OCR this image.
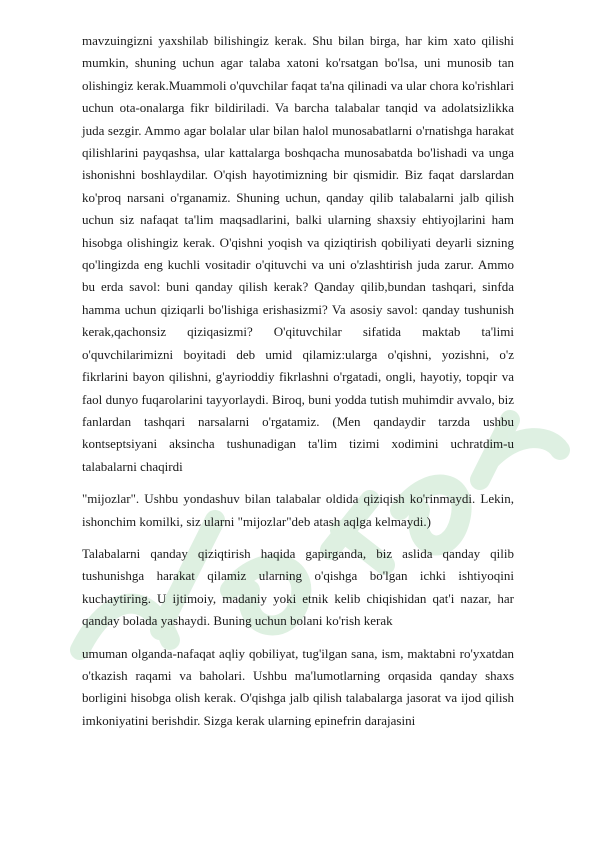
mavzuingizni yaxshilab bilishingiz kerak. Shu bilan birga, har kim xato qilishi mumkin, shuning uchun agar talaba xatoni ko'rsatgan bo'lsa, uni munosib tan olishingiz kerak.Muammoli o'quvchilar faqat ta'na qilinadi va ular chora ko'rishlari uchun ota-onalarga fikr bildiriladi. Va barcha talabalar tanqid va adolatsizlikka juda sezgir. Ammo agar bolalar ular bilan halol munosabatlarni o'rnatishga harakat qilishlarini payqashsa, ular kattalarga boshqacha munosabatda bo'lishadi va unga ishonishni boshlaydilar. O'qish hayotimizning bir qismidir. Biz faqat darslardan ko'proq narsani o'rganamiz. Shuning uchun, qanday qilib talabalarni jalb qilish uchun siz nafaqat ta'lim maqsadlarini, balki ularning shaxsiy ehtiyojlarini ham hisobga olishingiz kerak. O'qishni yoqish va qiziqtirish qobiliyati deyarli sizning qo'lingizda eng kuchli vositadir o'qituvchi va uni o'zlashtirish juda zarur. Ammo bu erda savol: buni qanday qilish kerak? Qanday qilib,bundan tashqari, sinfda hamma uchun qiziqarli bo'lishiga erishasizmi? Va asosiy savol: qanday tushunish kerak,qachonsiz qiziqasizmi? O'qituvchilar sifatida maktab ta'limi o'quvchilarimizni boyitadi deb umid qilamiz:ularga o'qishni, yozishni, o'z fikrlarini bayon qilishni, g'ayrioddiy fikrlashni o'rgatadi, ongli, hayotiy, topqir va faol dunyo fuqarolarini tayyorlaydi. Biroq, buni yodda tutish muhimdir avvalo, biz fanlardan tashqari narsalarni o'rgatamiz. (Men qandaydir tarzda ushbu kontseptsiyani aksincha tushunadigan ta'lim tizimi xodimini uchratdim-u talabalarni chaqirdi

"mijozlar". Ushbu yondashuv bilan talabalar oldida qiziqish ko'rinmaydi. Lekin, ishonchim komilki, siz ularni "mijozlar"deb atash aqlga kelmaydi.)

Talabalarni qanday qiziqtirish haqida gapirganda, biz aslida qanday qilib tushunishga harakat qilamiz ularning o'qishga bo'lgan ichki ishtiyoqini kuchaytiring. U ijtimoiy, madaniy yoki etnik kelib chiqishidan qat'i nazar, har qanday bolada yashaydi. Buning uchun bolani ko'rish kerak

umuman olganda-nafaqat aqliy qobiliyat, tug'ilgan sana, ism, maktabni ro'yxatdan o'tkazish raqami va baholari. Ushbu ma'lumotlarning orqasida qanday shaxs borligini hisobga olish kerak. O'qishga jalb qilish talabalarga jasorat va ijod qilish imkoniyatini berishdir. Sizga kerak ularning epinefrin darajasini
